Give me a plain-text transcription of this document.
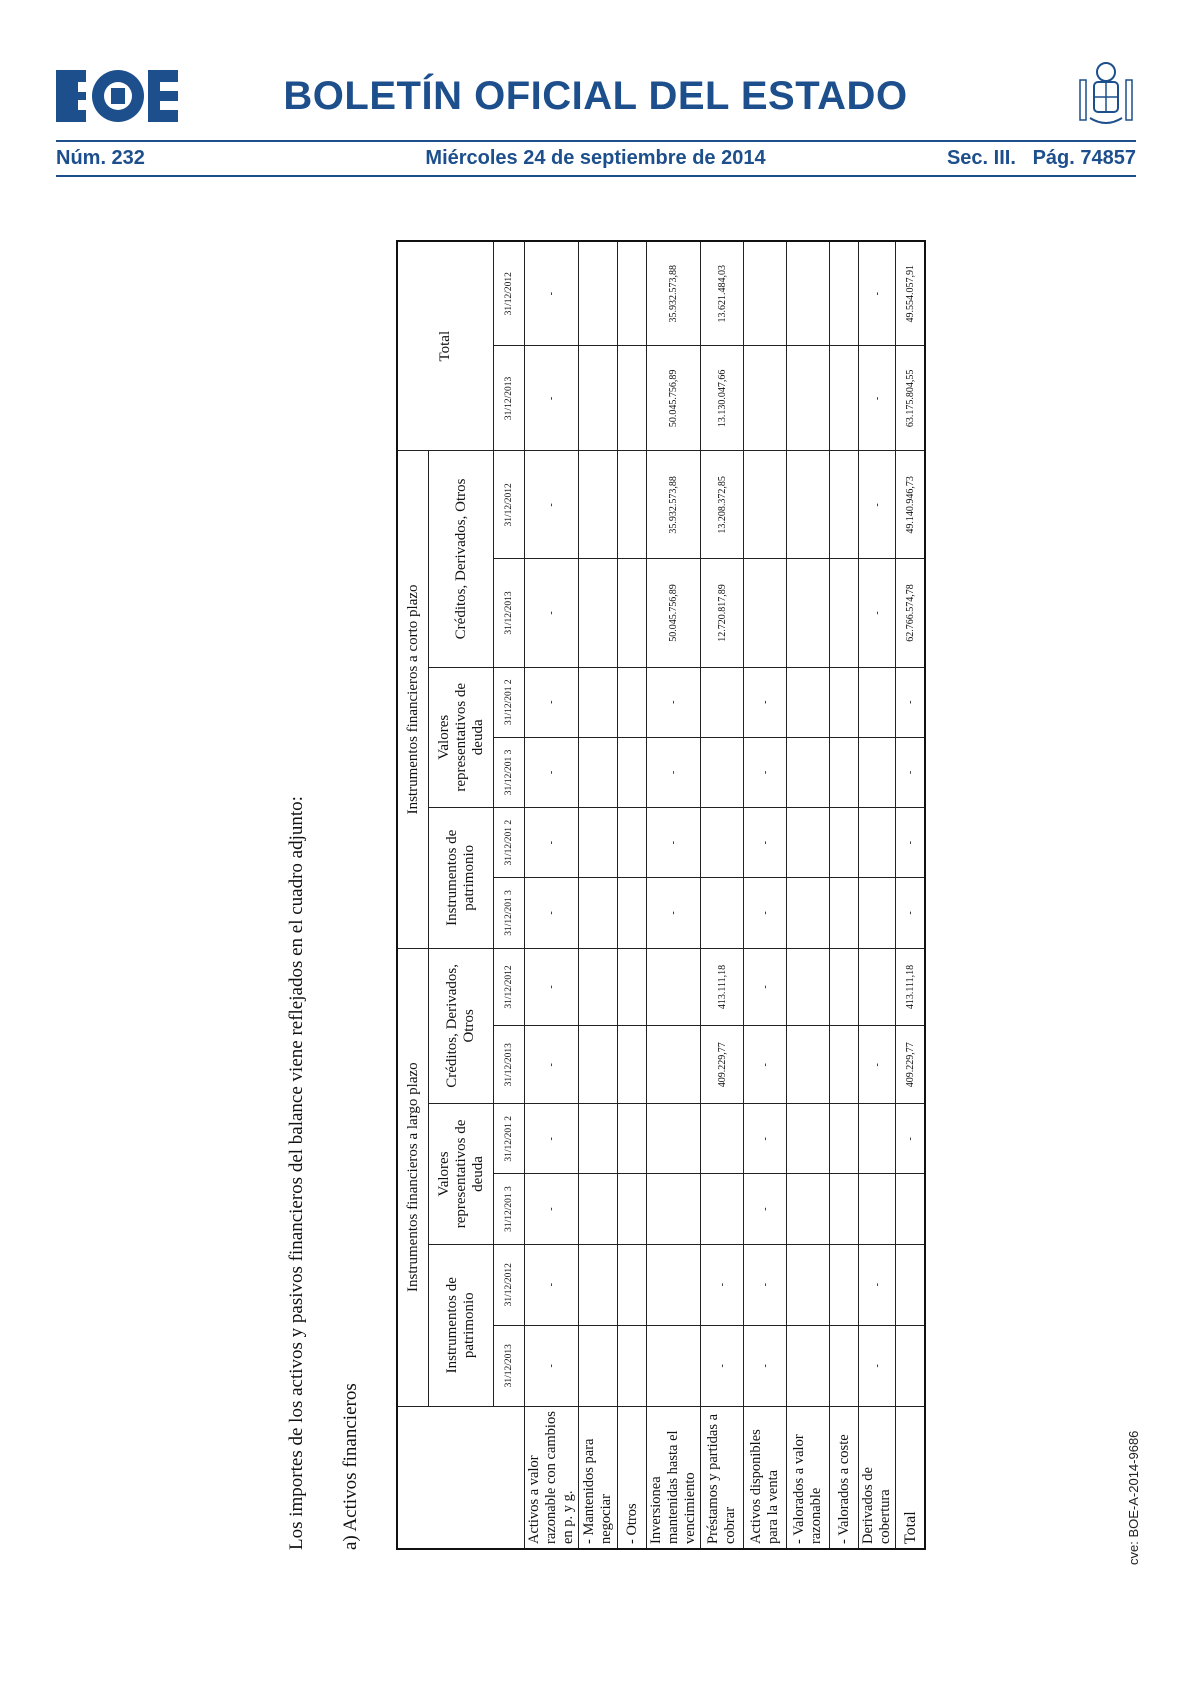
BOLETÍN OFICIAL DEL ESTADO
Núm. 232	Miércoles 24 de septiembre de 2014	Sec. III. Pág. 74857
Los importes de los activos y pasivos financieros del balance viene reflejados en el cuadro adjunto: a) Activos financieros
	Instrumentos financieros a largo plazo						Instrumentos financieros a corto plazo						Total	
	Instrumentos de patrimonio		Valores representativos de deuda		Créditos, Derivados, Otros		Instrumentos de patrimonio		Valores representativos de deuda		Créditos, Derivados, Otros			
	31/12/2013	31/12/2012	31/12/201 3	31/12/201 2	31/12/2013	31/12/2012	31/12/201 3	31/12/201 2	31/12/201 3	31/12/201 2	31/12/2013	31/12/2012	31/12/2013	31/12/2012
Activos a valor razonable con cambios en p. y g.	-	-	-	-	-	-	-	-	-	-	-	-	-	-
- Mantenidos para negociar														
- Otros														
Inversionea mantenidas hasta el vencimiento							-	-	-	-	50.045.756,89	35.932.573,88	50.045.756,89	35.932.573,88
Préstamos y partidas a cobrar	-	-			409.229,77	413.111,18					12.720.817,89	13.208.372,85	13.130.047,66	13.621.484,03
Activos disponibles para la venta	-	-	-	-	-	-	-	-	-	-				
- Valorados a valor razonable														
- Valorados a coste														
Derivados de cobertura	-	-			-						-	-	-	-
Total				-	409.229,77	413.111,18	-	-	-	-	62.766.574,78	49.140.946,73	63.175.804,55	49.554.057,91
cve: BOE-A-2014-9686
